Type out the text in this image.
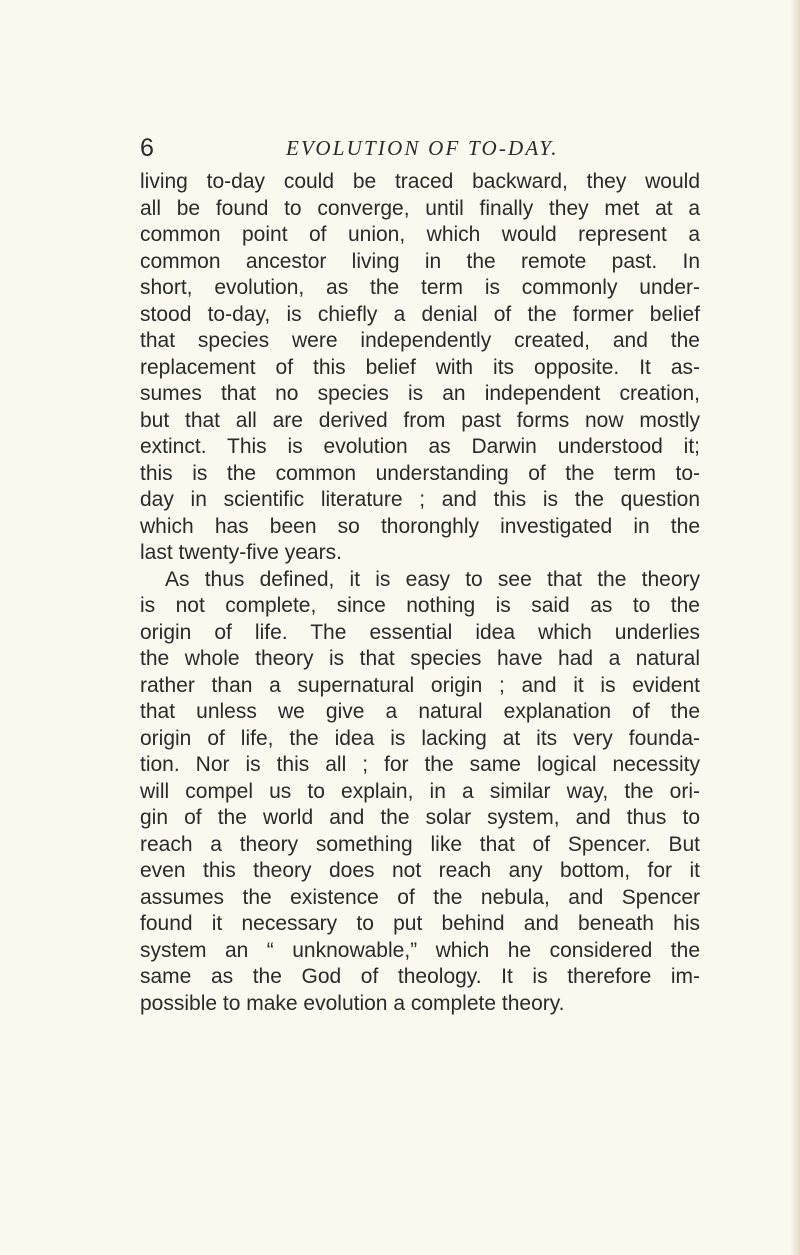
6	EVOLUTION OF TO-DAY.
living to-day could be traced backward, they would
all be found to converge, until finally they met at a
common point of union, which would represent a
common ancestor living in the remote past. In
short, evolution, as the term is commonly under-
stood to-day, is chiefly a denial of the former belief
that species were independently created, and the
replacement of this belief with its opposite. It as-
sumes that no species is an independent creation,
but that all are derived from past forms now mostly
extinct. This is evolution as Darwin understood it;
this is the common understanding of the term to-
day in scientific literature ; and this is the question
which has been so thoronghly investigated in the
last twenty-five years.
As thus defined, it is easy to see that the theory
is not complete, since nothing is said as to the
origin of life. The essential idea which underlies
the whole theory is that species have had a natural
rather than a supernatural origin ; and it is evident
that unless we give a natural explanation of the
origin of life, the idea is lacking at its very founda-
tion. Nor is this all ; for the same logical necessity
will compel us to explain, in a similar way, the ori-
gin of the world and the solar system, and thus to
reach a theory something like that of Spencer. But
even this theory does not reach any bottom, for it
assumes the existence of the nebula, and Spencer
found it necessary to put behind and beneath his
system an “ unknowable,” which he considered the
same as the God of theology. It is therefore im-
possible to make evolution a complete theory.
